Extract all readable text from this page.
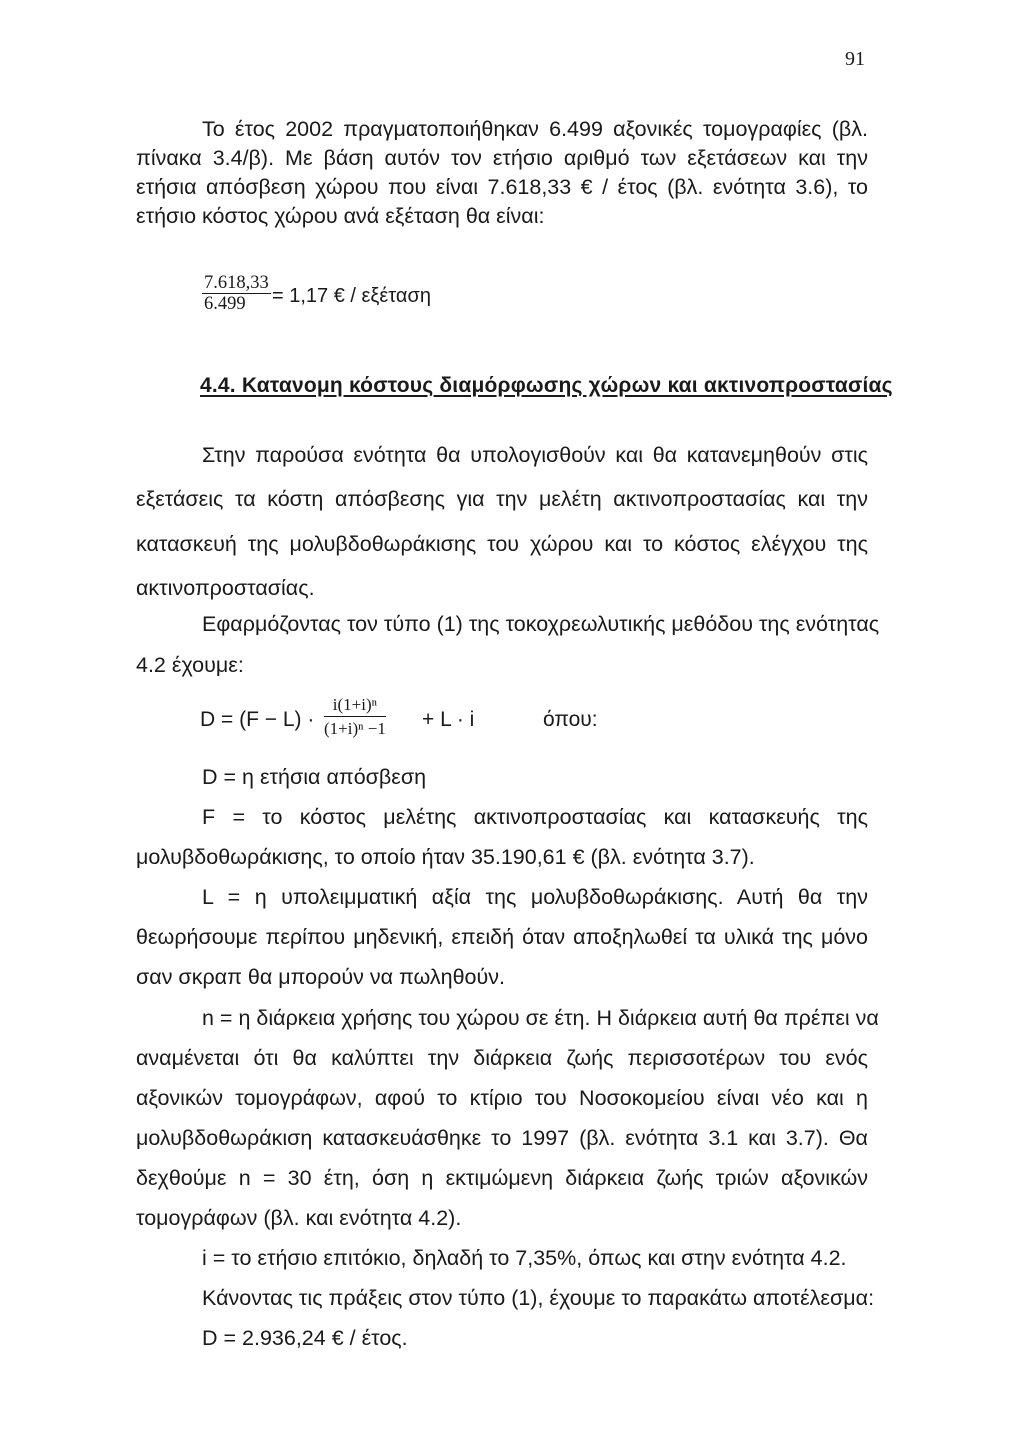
91
Το έτος 2002 πραγματοποιήθηκαν 6.499 αξονικές τομογραφίες (βλ.
πίνακα 3.4/β). Με βάση αυτόν τον ετήσιο αριθμό των εξετάσεων και την
ετήσια απόσβεση χώρου που είναι 7.618,33 € / έτος (βλ. ενότητα 3.6), το
ετήσιο κόστος χώρου ανά εξέταση θα είναι:
$\frac{7.618,33}{6.499} = 1,17$ € / εξέταση
4.4. Κατανομη κόστους διαμόρφωσης χώρων και ακτινοπροστασίας
Στην παρούσα ενότητα θα υπολογισθούν και θα κατανεμηθούν στις
εξετάσεις τα κόστη απόσβεσης για την μελέτη ακτινοπροστασίας και την
κατασκευή της μολυβδοθωράκισης του χώρου και το κόστος ελέγχου της
ακτινοπροστασίας.
Εφαρμόζοντας τον τύπο (1) της τοκοχρεωλυτικής μεθόδου της ενότητας
4.2 έχουμε:
$D = (F - L) \cdot \frac{\text{i(1+i)ⁿ}}{\text{(1+i)ⁿ −1}} + L \cdot i$	όπου:
D = η ετήσια απόσβεση
F = το κόστος μελέτης ακτινοπροστασίας και κατασκευής της
μολυβδοθωράκισης, το οποίο ήταν 35.190,61 € (βλ. ενότητα 3.7).
L = η υπολειμματική αξία της μολυβδοθωράκισης. Αυτή θα την
θεωρήσουμε περίπου μηδενική, επειδή όταν αποξηλωθεί τα υλικά της μόνο
σαν σκραπ θα μπορούν να πωληθούν.
n = η διάρκεια χρήσης του χώρου σε έτη. Η διάρκεια αυτή θα πρέπει να
αναμένεται ότι θα καλύπτει την διάρκεια ζωής περισσοτέρων του ενός
αξονικών τομογράφων, αφού το κτίριο του Νοσοκομείου είναι νέο και η
μολυβδοθωράκιση κατασκευάσθηκε το 1997 (βλ. ενότητα 3.1 και 3.7). Θα
δεχθούμε n = 30 έτη, όση η εκτιμώμενη διάρκεια ζωής τριών αξονικών
τομογράφων (βλ. και ενότητα 4.2).
i = το ετήσιο επιτόκιο, δηλαδή το 7,35%, όπως και στην ενότητα 4.2.
Κάνοντας τις πράξεις στον τύπο (1), έχουμε το παρακάτω αποτέλεσμα:
D = 2.936,24 € / έτος.
